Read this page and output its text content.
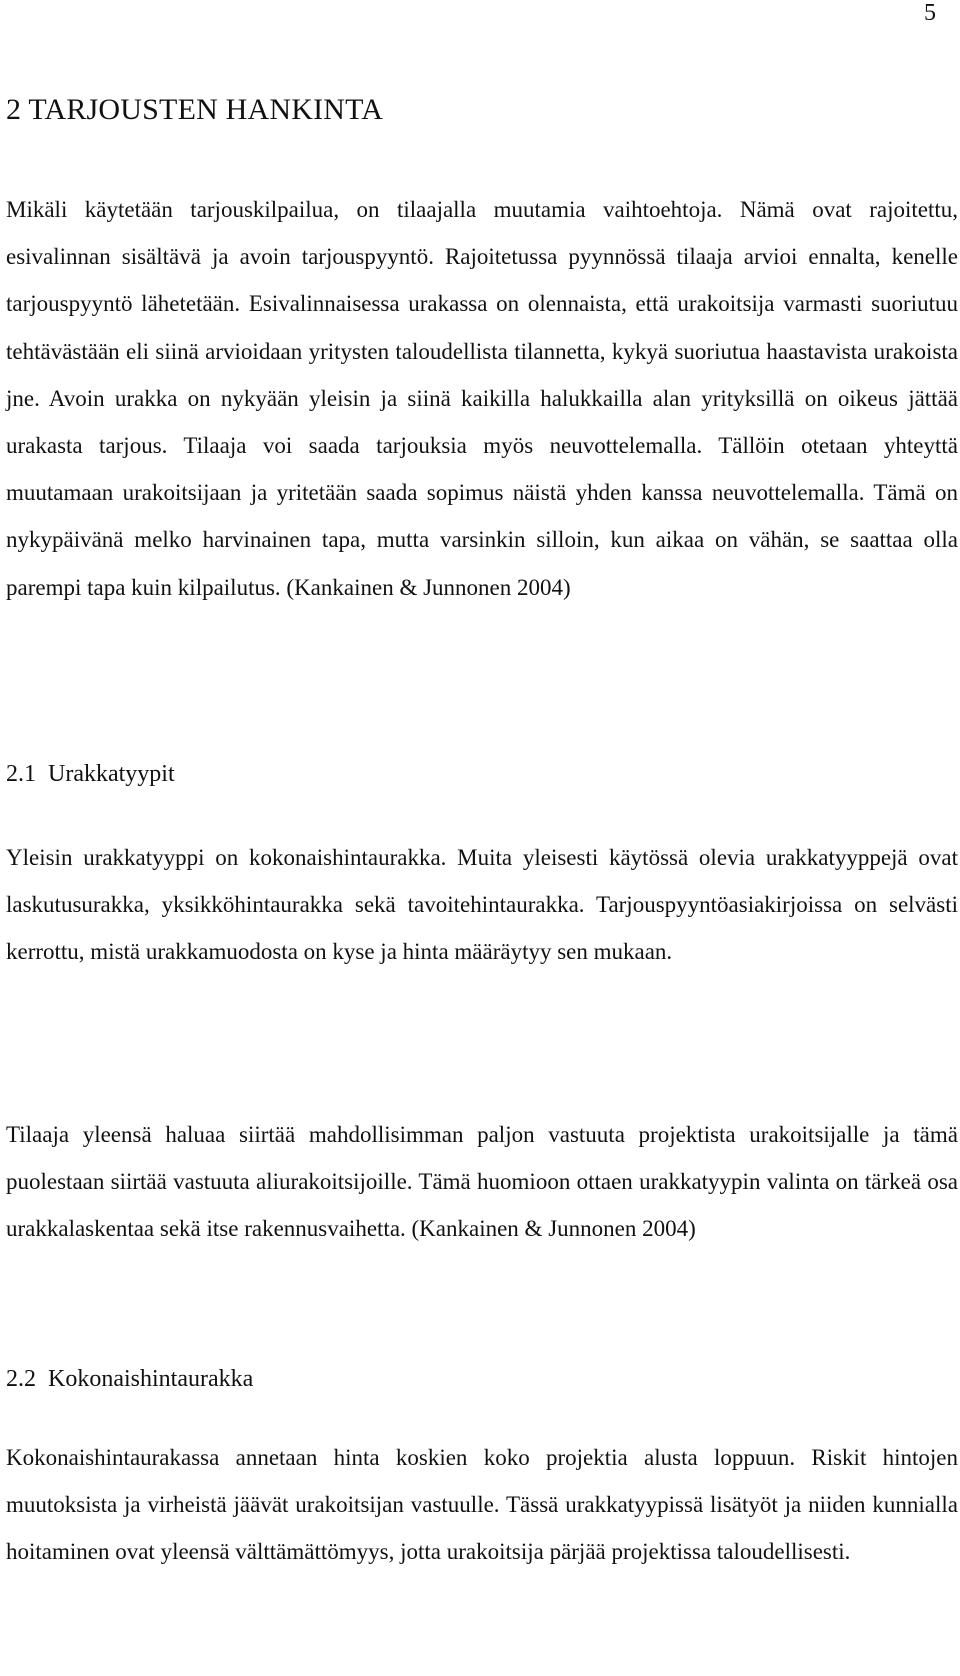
5
2 TARJOUSTEN HANKINTA

Mikäli käytetään tarjouskilpailua, on tilaajalla muutamia vaihtoehtoja. Nämä ovat rajoitettu, esivalinnan sisältävä ja avoin tarjouspyyntö. Rajoitetussa pyynnössä tilaaja arvioi ennalta, kenelle tarjouspyyntö lähetetään. Esivalinnaisessa urakassa on olennaista, että urakoitsija varmasti suoriutuu tehtävästään eli siinä arvioidaan yritysten taloudellista tilannetta, kykyä suoriutua haastavista urakoista jne. Avoin urakka on nykyään yleisin ja siinä kaikilla halukkailla alan yrityksillä on oikeus jättää urakasta tarjous. Tilaaja voi saada tarjouksia myös neuvottelemalla. Tällöin otetaan yhteyttä muutamaan urakoitsijaan ja yritetään saada sopimus näistä yhden kanssa neuvottelemalla. Tämä on nykypäivänä melko harvinainen tapa, mutta varsinkin silloin, kun aikaa on vähän, se saattaa olla parempi tapa kuin kilpailutus. (Kankainen & Junnonen 2004)

2.1 Urakkatyypit

Yleisin urakkatyyppi on kokonaishintaurakka. Muita yleisesti käytössä olevia urakkatyyppejä ovat laskutusurakka, yksikköhintaurakka sekä tavoitehintaurakka. Tarjouspyyntöasiakirjoissa on selvästi kerrottu, mistä urakkamuodosta on kyse ja hinta määräytyy sen mukaan.

Tilaaja yleensä haluaa siirtää mahdollisimman paljon vastuuta projektista urakoitsijalle ja tämä puolestaan siirtää vastuuta aliurakoitsijoille. Tämä huomioon ottaen urakkatyypin valinta on tärkeä osa urakkalaskentaa sekä itse rakennusvaihetta. (Kankainen & Junnonen 2004)

2.2 Kokonaishintaurakka

Kokonaishintaurakassa annetaan hinta koskien koko projektia alusta loppuun. Riskit hintojen muutoksista ja virheistä jäävät urakoitsijan vastuulle. Tässä urakkatyypissä lisätyöt ja niiden kunnialla hoitaminen ovat yleensä välttämättömyys, jotta urakoitsija pärjää projektissa taloudellisesti.
